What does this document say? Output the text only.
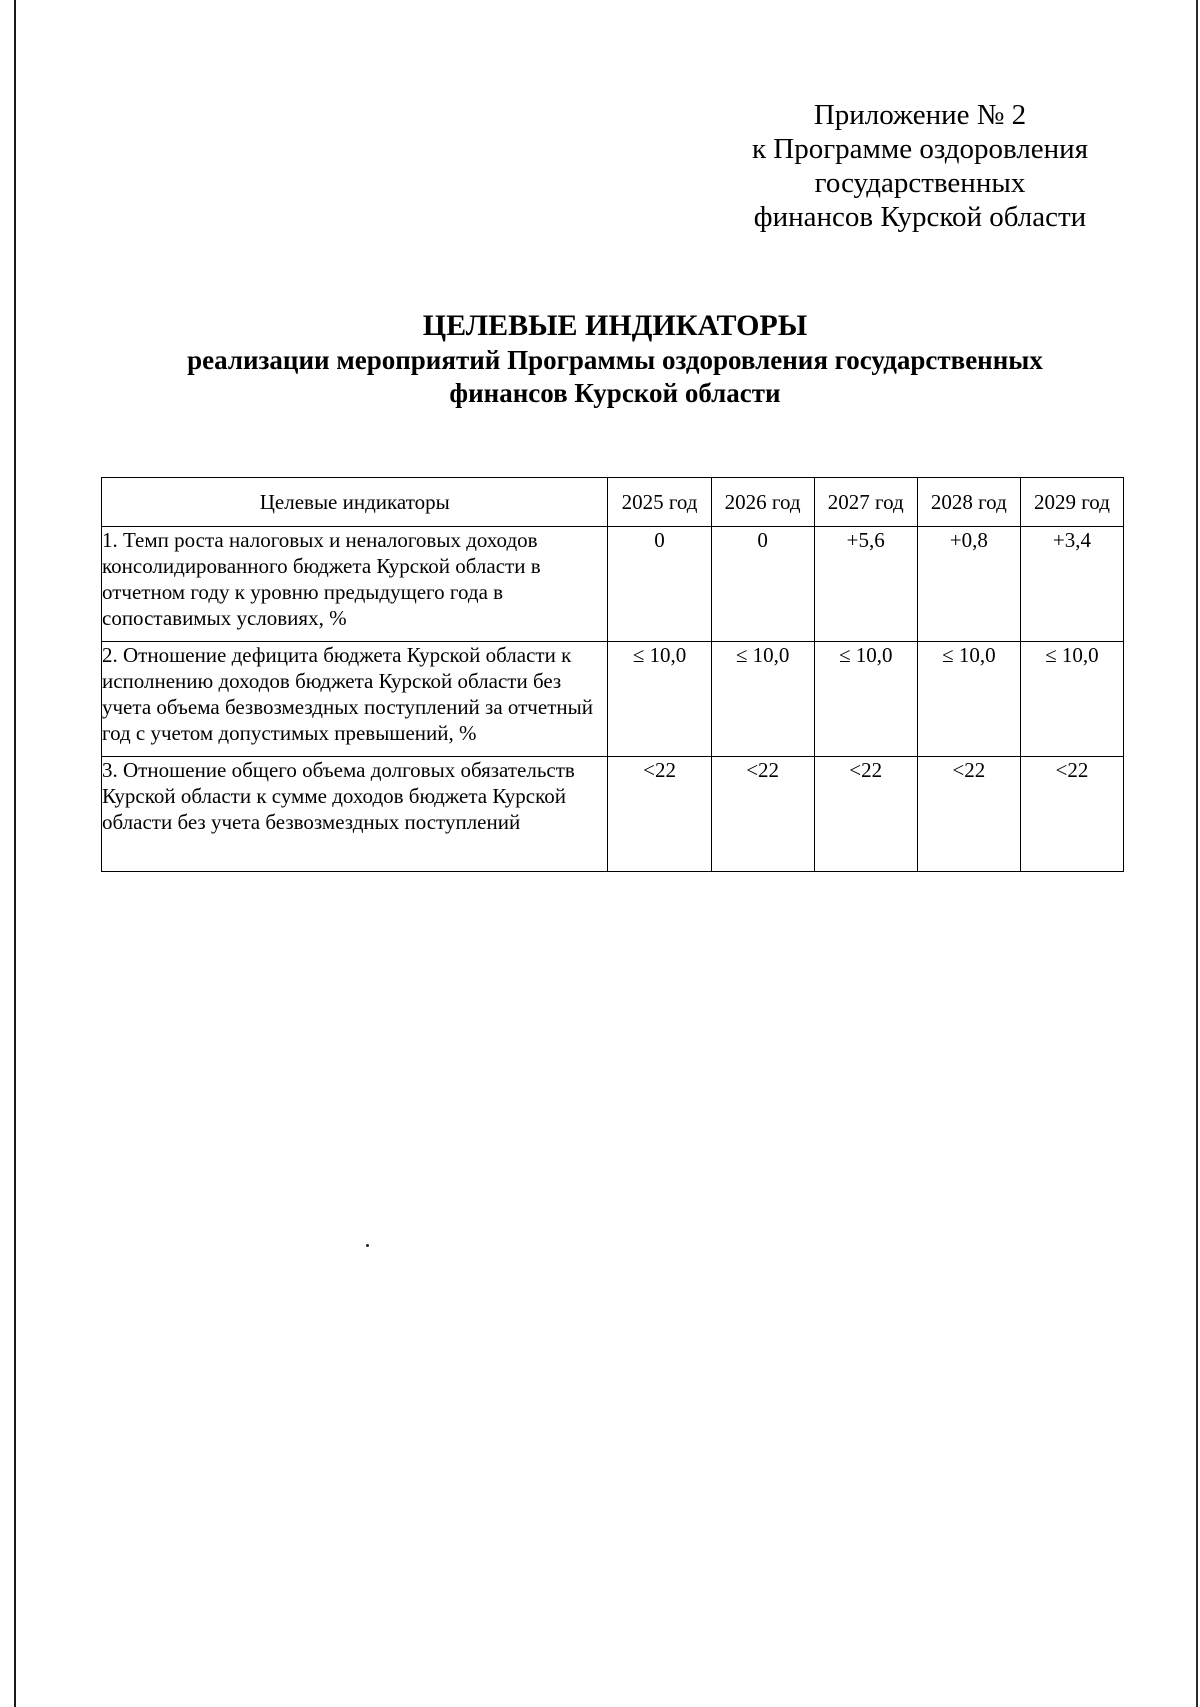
Приложение № 2
к Программе оздоровления
государственных
финансов Курской области
ЦЕЛЕВЫЕ ИНДИКАТОРЫ
реализации мероприятий Программы оздоровления государственных
финансов Курской области
Целевые индикаторы	2025 год	2026 год	2027 год	2028 год	2029 год
1. Темп роста налоговых и неналоговых доходов консолидированного бюджета Курской области в отчетном году к уровню предыдущего года в сопоставимых условиях, %	0	0	+5,6	+0,8	+3,4
2. Отношение дефицита бюджета Курской области к исполнению доходов бюджета Курской области без учета объема безвозмездных поступлений за отчетный год с учетом допустимых превышений, %	≤ 10,0	≤ 10,0	≤ 10,0	≤ 10,0	≤ 10,0
3. Отношение общего объема долговых обязательств Курской области к сумме доходов бюджета Курской области без учета безвозмездных поступлений	<22	<22	<22	<22	<22
